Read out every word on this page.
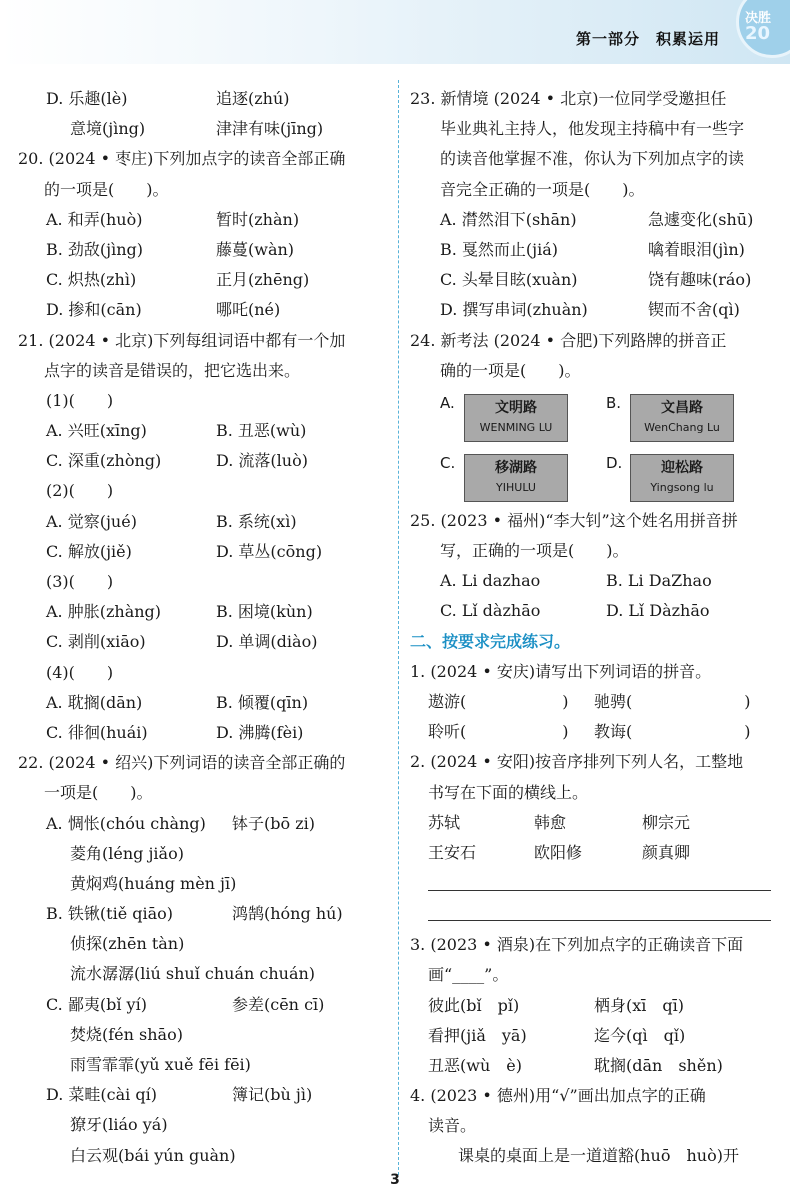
第一部分　积累运用
决胜
20
D. 乐趣(lè)	追逐(zhú)
意境(jìng)	津津有味(jīng)
20. (2024 • 枣庄)下列加点字的读音全部正确
的一项是(　　)。
A. 和弄(huò)	暂时(zhàn)
B. 劲敌(jìng)	藤蔓(wàn)
C. 炽热(zhì)	正月(zhēng)
D. 掺和(cān)	哪吒(né)
21. (2024 • 北京)下列每组词语中都有一个加
点字的读音是错误的，把它选出来。
(1)(　　)
A. 兴旺(xīng)	B. 丑恶(wù)
C. 深重(zhòng)	D. 流落(luò)
(2)(　　)
A. 觉察(jué)	B. 系统(xì)
C. 解放(jiě)	D. 草丛(cōng)
(3)(　　)
A. 肿胀(zhàng)	B. 困境(kùn)
C. 剥削(xiāo)	D. 单调(diào)
(4)(　　)
A. 耽搁(dān)	B. 倾覆(qīn)
C. 徘徊(huái)	D. 沸腾(fèi)
22. (2024 • 绍兴)下列词语的读音全部正确的
一项是(　　)。
A. 惆怅(chóu chàng) 钵子(bō zi)
菱角(léng jiǎo)
黄焖鸡(huáng mèn jī)
B. 铁锹(tiě qiāo)	鸿鹄(hóng hú)
侦探(zhēn tàn)
流水潺潺(liú shuǐ chuán chuán)
C. 鄙夷(bǐ yí)	参差(cēn cī)
焚烧(fén shāo)
雨雪霏霏(yǔ xuě fēi fēi)
D. 菜畦(cài qí)	簿记(bù jì)
獠牙(liáo yá)
白云观(bái yún guàn)
23. 新情境 (2024 • 北京)一位同学受邀担任
毕业典礼主持人，他发现主持稿中有一些字
的读音他掌握不准，你认为下列加点字的读
音完全正确的一项是(　　)。
A. 潸然泪下(shān)	急遽变化(shū)
B. 戛然而止(jiá)	噙着眼泪(jìn)
C. 头晕目眩(xuàn)	饶有趣味(ráo)
D. 撰写串词(zhuàn)	锲而不舍(qì)
24. 新考法 (2024 • 合肥)下列路牌的拼音正
确的一项是(　　)。
A.	文明路
WENMING LU
B.	文昌路
WenChang Lu
C.	移湖路
YIHULU
D.	迎松路
Yingsong lu
25. (2023 • 福州)“李大钊”这个姓名用拼音拼
写，正确的一项是(　　)。
A. Li dazhao	B. Li DaZhao
C. Lǐ dàzhāo	D. Lǐ Dàzhāo
二、按要求完成练习。
1. (2024 • 安庆)请写出下列词语的拼音。
遨游(　　　　　　) 驰骋(　　　　　　　)
聆听(　　　　　　) 教诲(　　　　　　　)
2. (2024 • 安阳)按音序排列下列人名，工整地
书写在下面的横线上。
苏轼	韩愈	柳宗元
王安石	欧阳修	颜真卿
3. (2023 • 酒泉)在下列加点字的正确读音下面
画“____”。
彼此(bǐ　pǐ)	栖身(xī　qī)
看押(jiǎ　yā)	迄今(qì　qǐ)
丑恶(wù　è)	耽搁(dān　shěn)
4. (2023 • 德州)用“√”画出加点字的正确
读音。
课桌的桌面上是一道道豁(huō　huò)开
3
